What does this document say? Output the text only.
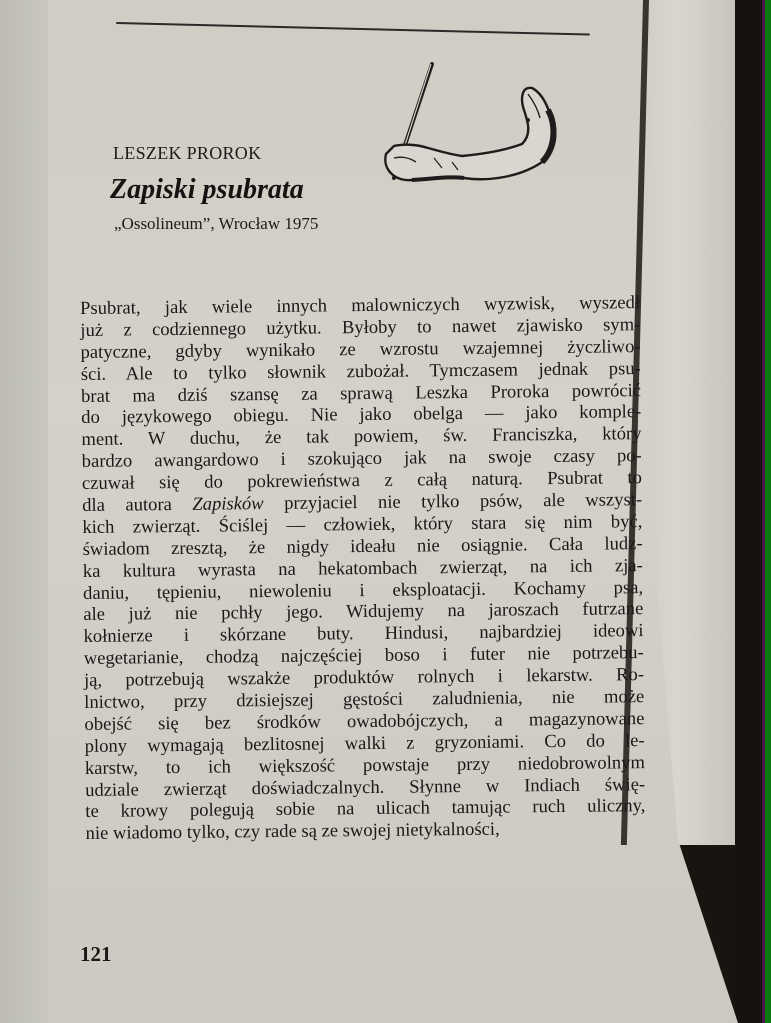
LESZEK PROROK
Zapiski psubrata
„Ossolineum”, Wrocław 1975
Psubrat, jak wiele innych malowniczych wyzwisk, wyszedł
już z codziennego użytku. Byłoby to nawet zjawisko sym-
patyczne, gdyby wynikało ze wzrostu wzajemnej życzliwo-
ści. Ale to tylko słownik zubożał. Tymczasem jednak psu-
brat ma dziś szansę za sprawą Leszka Proroka powrócić
do językowego obiegu. Nie jako obelga — jako komple-
ment. W duchu, że tak powiem, św. Franciszka, który
bardzo awangardowo i szokująco jak na swoje czasy po-
czuwał się do pokrewieństwa z całą naturą. Psubrat to
dla autora Zapisków przyjaciel nie tylko psów, ale wszyst-
kich zwierząt. Ściślej — człowiek, który stara się nim być,
świadom zresztą, że nigdy ideału nie osiągnie. Cała ludz-
ka kultura wyrasta na hekatombach zwierząt, na ich zja-
daniu, tępieniu, niewoleniu i eksploatacji. Kochamy psa,
ale już nie pchły jego. Widujemy na jaroszach futrzane
kołnierze i skórzane buty. Hindusi, najbardziej ideowi
wegetarianie, chodzą najczęściej boso i futer nie potrzebu-
ją, potrzebują wszakże produktów rolnych i lekarstw. Ro-
lnictwo, przy dzisiejszej gęstości zaludnienia, nie może
obejść się bez środków owadobójczych, a magazynowane
plony wymagają bezlitosnej walki z gryzoniami. Co do le-
karstw, to ich większość powstaje przy niedobrowolnym
udziale zwierząt doświadczalnych. Słynne w Indiach świę-
te krowy polegują sobie na ulicach tamując ruch uliczny,
nie wiadomo tylko, czy rade są ze swojej nietykalności,
121
